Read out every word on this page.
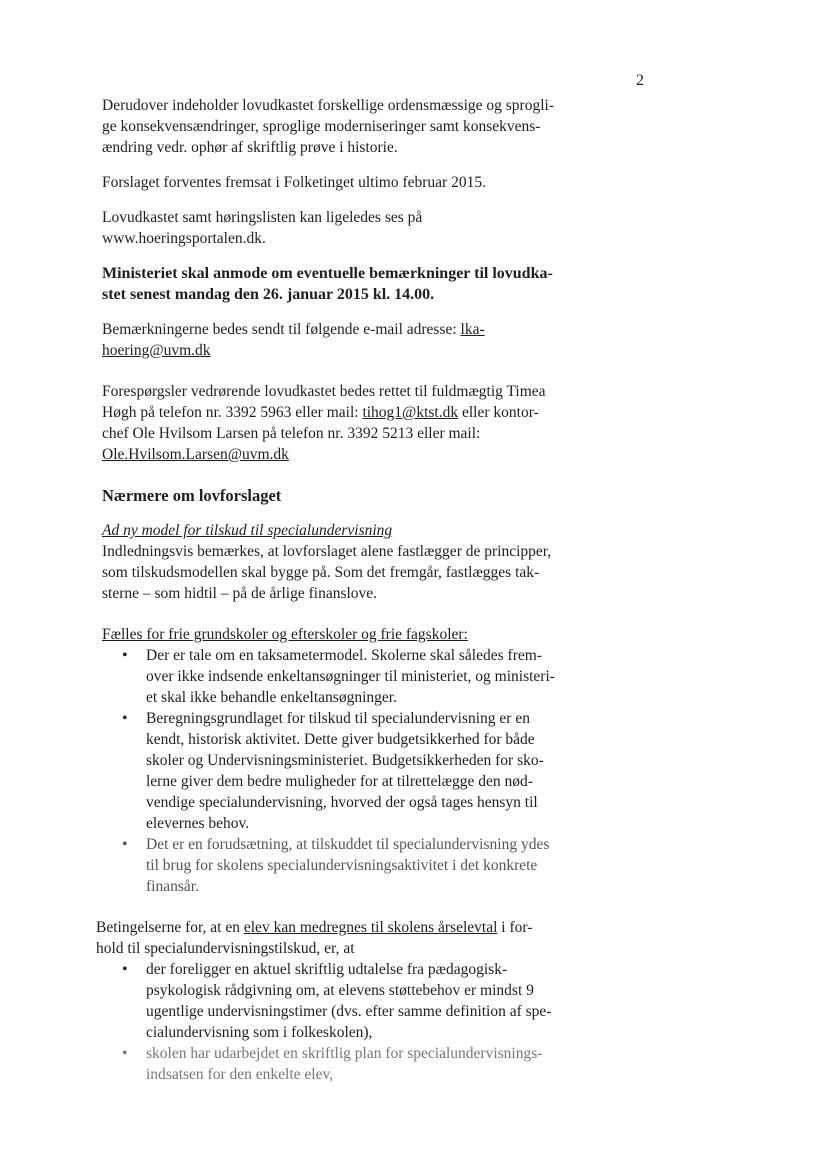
2

Derudover indeholder lovudkastet forskellige ordensmæssige og sprogli-
ge konsekvensændringer, sproglige moderniseringer samt konsekvens-
ændring vedr. ophør af skriftlig prøve i historie.

Forslaget forventes fremsat i Folketinget ultimo februar 2015.

Lovudkastet samt høringslisten kan ligeledes ses på
www.hoeringsportalen.dk.

Ministeriet skal anmode om eventuelle bemærkninger til lovudka-
stet senest mandag den 26. januar 2015 kl. 14.00.

Bemærkningerne bedes sendt til følgende e-mail adresse: lka-
hoering@uvm.dk

Forespørgsler vedrørende lovudkastet bedes rettet til fuldmægtig Timea
Høgh på telefon nr. 3392 5963 eller mail: tihog1@ktst.dk eller kontor-
chef Ole Hvilsom Larsen på telefon nr. 3392 5213 eller mail:
Ole.Hvilsom.Larsen@uvm.dk

Nærmere om lovforslaget

Ad ny model for tilskud til specialundervisning

Indledningsvis bemærkes, at lovforslaget alene fastlægger de principper,
som tilskudsmodellen skal bygge på. Som det fremgår, fastlægges tak-
sterne – som hidtil – på de årlige finanslove.

Fælles for frie grundskoler og efterskoler og frie fagskoler:

• Der er tale om en taksametermodel. Skolerne skal således frem-
over ikke indsende enkeltansøgninger til ministeriet, og ministeri-
et skal ikke behandle enkeltansøgninger.
• Beregningsgrundlaget for tilskud til specialundervisning er en
kendt, historisk aktivitet. Dette giver budgetsikkerhed for både
skoler og Undervisningsministeriet. Budgetsikkerheden for sko-
lerne giver dem bedre muligheder for at tilrettelægge den nød-
vendige specialundervisning, hvorved der også tages hensyn til
elevernes behov.
• Det er en forudsætning, at tilskuddet til specialundervisning ydes
til brug for skolens specialundervisningsaktivitet i det konkrete
finansår.

Betingelserne for, at en elev kan medregnes til skolens årselevtal i for-
hold til specialundervisningstilskud, er, at

• der foreligger en aktuel skriftlig udtalelse fra pædagogisk-
psykologisk rådgivning om, at elevens støttebehov er mindst 9
ugentlige undervisningstimer (dvs. efter samme definition af spe-
cialundervisning som i folkeskolen),
• skolen har udarbejdet en skriftlig plan for specialundervisnings-
indsatsen for den enkelte elev,
